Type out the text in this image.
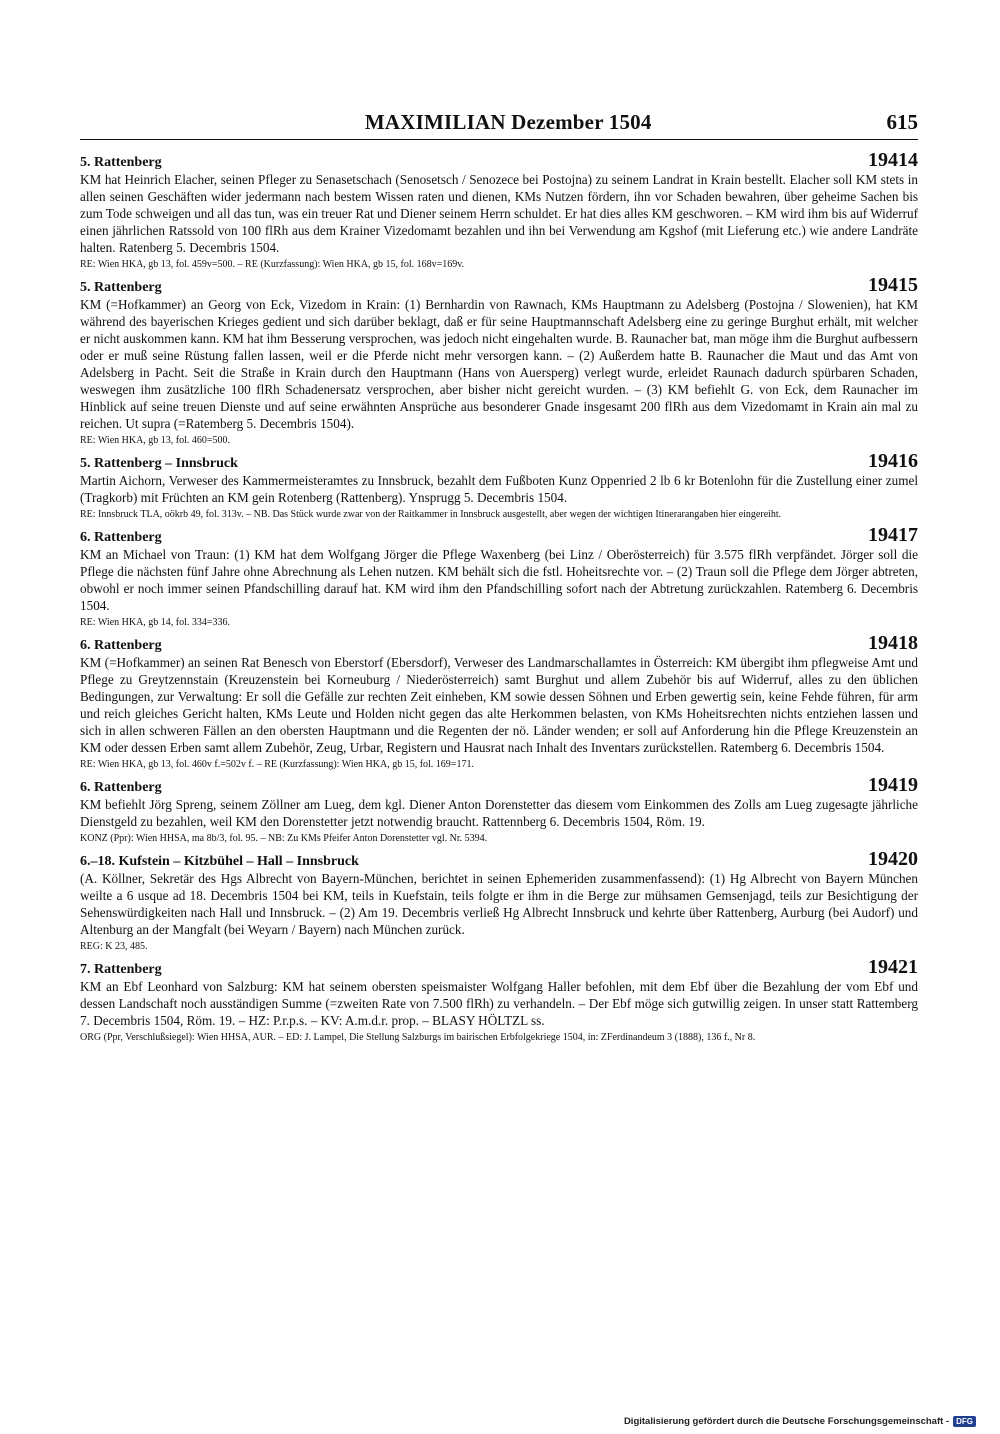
MAXIMILIAN Dezember 1504	615
5. Rattenberg	19414
KM hat Heinrich Elacher, seinen Pfleger zu Senasetschach (Senosetsch / Senozece bei Postojna) zu seinem Landrat in Krain bestellt. Elacher soll KM stets in allen seinen Geschäften wider jedermann nach bestem Wissen raten und dienen, KMs Nutzen fördern, ihn vor Schaden bewahren, über geheime Sachen bis zum Tode schweigen und all das tun, was ein treuer Rat und Diener seinem Herrn schuldet. Er hat dies alles KM geschworen. – KM wird ihm bis auf Widerruf einen jährlichen Ratssold von 100 flRh aus dem Krainer Vizedomamt bezahlen und ihn bei Verwendung am Kgshof (mit Lieferung etc.) wie andere Landräte halten. Ratenberg 5. Decembris 1504.
RE: Wien HKA, gb 13, fol. 459v=500. – RE (Kurzfassung): Wien HKA, gb 15, fol. 168v=169v.
5. Rattenberg	19415
KM (=Hofkammer) an Georg von Eck, Vizedom in Krain: (1) Bernhardin von Rawnach, KMs Hauptmann zu Adelsberg (Postojna / Slowenien), hat KM während des bayerischen Krieges gedient und sich darüber beklagt, daß er für seine Hauptmannschaft Adelsberg eine zu geringe Burghut erhält, mit welcher er nicht auskommen kann. KM hat ihm Besserung versprochen, was jedoch nicht eingehalten wurde. B. Raunacher bat, man möge ihm die Burghut aufbessern oder er muß seine Rüstung fallen lassen, weil er die Pferde nicht mehr versorgen kann. – (2) Außerdem hatte B. Raunacher die Maut und das Amt von Adelsberg in Pacht. Seit die Straße in Krain durch den Hauptmann (Hans von Auersperg) verlegt wurde, erleidet Raunach dadurch spürbaren Schaden, weswegen ihm zusätzliche 100 flRh Schadenersatz versprochen, aber bisher nicht gereicht wurden. – (3) KM befiehlt G. von Eck, dem Raunacher im Hinblick auf seine treuen Dienste und auf seine erwähnten Ansprüche aus besonderer Gnade insgesamt 200 flRh aus dem Vizedomamt in Krain ain mal zu reichen. Ut supra (=Ratemberg 5. Decembris 1504).
RE: Wien HKA, gb 13, fol. 460=500.
5. Rattenberg – Innsbruck	19416
Martin Aichorn, Verweser des Kammermeisteramtes zu Innsbruck, bezahlt dem Fußboten Kunz Oppenried 2 lb 6 kr Botenlohn für die Zustellung einer zumel (Tragkorb) mit Früchten an KM gein Rotenberg (Rattenberg). Ynsprugg 5. Decembris 1504.
RE: Innsbruck TLA, oökrb 49, fol. 313v. – NB. Das Stück wurde zwar von der Raitkammer in Innsbruck ausgestellt, aber wegen der wichtigen Itinerarangaben hier eingereiht.
6. Rattenberg	19417
KM an Michael von Traun: (1) KM hat dem Wolfgang Jörger die Pflege Waxenberg (bei Linz / Oberösterreich) für 3.575 flRh verpfändet. Jörger soll die Pflege die nächsten fünf Jahre ohne Abrechnung als Lehen nutzen. KM behält sich die fstl. Hoheitsrechte vor. – (2) Traun soll die Pflege dem Jörger abtreten, obwohl er noch immer seinen Pfandschilling darauf hat. KM wird ihm den Pfandschilling sofort nach der Abtretung zurückzahlen. Ratemberg 6. Decembris 1504.
RE: Wien HKA, gb 14, fol. 334=336.
6. Rattenberg	19418
KM (=Hofkammer) an seinen Rat Benesch von Eberstorf (Ebersdorf), Verweser des Landmarschallamtes in Österreich: KM übergibt ihm pflegweise Amt und Pflege zu Greytzennstain (Kreuzenstein bei Korneuburg / Niederösterreich) samt Burghut und allem Zubehör bis auf Widerruf, alles zu den üblichen Bedingungen, zur Verwaltung: Er soll die Gefälle zur rechten Zeit einheben, KM sowie dessen Söhnen und Erben gewertig sein, keine Fehde führen, für arm und reich gleiches Gericht halten, KMs Leute und Holden nicht gegen das alte Herkommen belasten, von KMs Hoheitsrechten nichts entziehen lassen und sich in allen schweren Fällen an den obersten Hauptmann und die Regenten der nö. Länder wenden; er soll auf Anforderung hin die Pflege Kreuzenstein an KM oder dessen Erben samt allem Zubehör, Zeug, Urbar, Registern und Hausrat nach Inhalt des Inventars zurückstellen. Ratemberg 6. Decembris 1504.
RE: Wien HKA, gb 13, fol. 460v f.=502v f. – RE (Kurzfassung): Wien HKA, gb 15, fol. 169=171.
6. Rattenberg	19419
KM befiehlt Jörg Spreng, seinem Zöllner am Lueg, dem kgl. Diener Anton Dorenstetter das diesem vom Einkommen des Zolls am Lueg zugesagte jährliche Dienstgeld zu bezahlen, weil KM den Dorenstetter jetzt notwendig braucht. Rattennberg 6. Decembris 1504, Röm. 19.
KONZ (Ppr): Wien HHSA, ma 8b/3, fol. 95. – NB: Zu KMs Pfeifer Anton Dorenstetter vgl. Nr. 5394.
6.–18. Kufstein – Kitzbühel – Hall – Innsbruck	19420
(A. Köllner, Sekretär des Hgs Albrecht von Bayern-München, berichtet in seinen Ephemeriden zusammenfassend): (1) Hg Albrecht von Bayern München weilte a 6 usque ad 18. Decembris 1504 bei KM, teils in Kuefstain, teils folgte er ihm in die Berge zur mühsamen Gemsenjagd, teils zur Besichtigung der Sehenswürdigkeiten nach Hall und Innsbruck. – (2) Am 19. Decembris verließ Hg Albrecht Innsbruck und kehrte über Rattenberg, Aurburg (bei Audorf) und Altenburg an der Mangfalt (bei Weyarn / Bayern) nach München zurück.
REG: K 23, 485.
7. Rattenberg	19421
KM an Ebf Leonhard von Salzburg: KM hat seinem obersten speismaister Wolfgang Haller befohlen, mit dem Ebf über die Bezahlung der vom Ebf und dessen Landschaft noch ausständigen Summe (=zweiten Rate von 7.500 flRh) zu verhandeln. – Der Ebf möge sich gutwillig zeigen. In unser statt Rattemberg 7. Decembris 1504, Röm. 19. – HZ: P.r.p.s. – KV: A.m.d.r. prop. – BLASY HÖLTZL ss.
ORG (Ppr, Verschlußsiegel): Wien HHSA, AUR. – ED: J. Lampel, Die Stellung Salzburgs im bairischen Erbfolgekriege 1504, in: ZFerdinandeum 3 (1888), 136 f., Nr 8.
Digitalisierung gefördert durch die Deutsche Forschungsgemeinschaft - DFG
